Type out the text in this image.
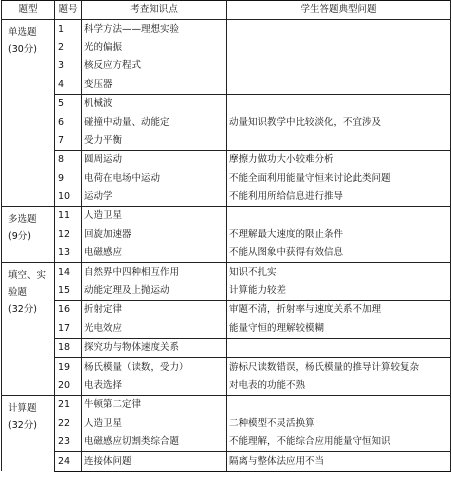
题型	题号	考查知识点	学生答题典型问题

单选题
(30分)	1	科学方法——理想实验	
	2	光的偏振	
	3	核反应方程式	
	4	变压器	
	5	机械波	
	6	碰撞中动量、动能定	动量知识教学中比较淡化，不宜涉及
	7	受力平衡	
	8	圆周运动	摩擦力做功大小较难分析
	9	电荷在电场中运动	不能全面利用能量守恒来讨论此类问题
	10	运动学	不能利用所给信息进行推导

多选题
(9分)	11	人造卫星	
	12	回旋加速器	不理解最大速度的限止条件
	13	电磁感应	不能从图象中获得有效信息

填空、实
验题
(32分)	14	自然界中四种相互作用	知识不扎实
	15	动能定理及上抛运动	计算能力较差
	16	折射定律	审题不清，折射率与速度关系不加理
	17	光电效应	能量守恒的理解较模糊
	18	探究功与物体速度关系	
	19	杨氏模量（读数，受力）	游标尺读数错误，杨氏模量的推导计算较复杂
	20	电表选择	对电表的功能不熟

计算题
(32分)	21	牛顿第二定律	
	22	人造卫星	二种模型不灵活换算
	23	电磁感应切割类综合题	不能理解，不能综合应用能量守恒知识
	24	连接体问题	隔离与整体法应用不当
